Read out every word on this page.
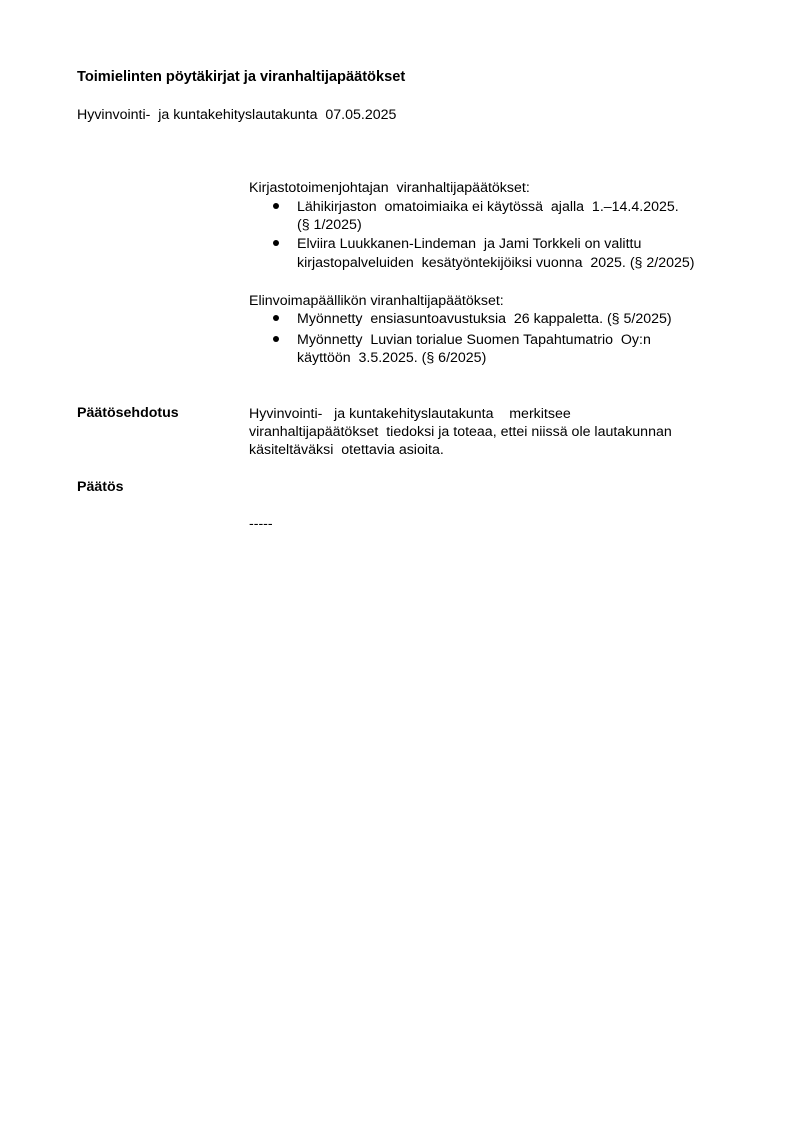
Toimielinten pöytäkirjat ja viranhaltijapäätökset
Hyvinvointi-  ja kuntakehityslautakunta  07.05.2025
Kirjastotoimenjohtajan  viranhaltijapäätökset:
Lähikirjaston  omatoimiaika ei käytössä  ajalla  1.–14.4.2025.
(§ 1/2025)
Elviira Luukkanen-Lindeman  ja Jami Torkkeli on valittu
kirjastopalveluiden  kesätyöntekijöiksi vuonna  2025. (§ 2/2025)
Elinvoimapäällikön viranhaltijapäätökset:
Myönnetty  ensiasuntoavustuksia  26 kappaletta. (§ 5/2025)
Myönnetty  Luvian torialue Suomen Tapahtumatrio  Oy:n
käyttöön  3.5.2025. (§ 6/2025)
Päätösehdotus	Hyvinvointi-   ja kuntakehityslautakunta    merkitsee
viranhaltijapäätökset  tiedoksi ja toteaa, ettei niissä ole lautakunnan
käsiteltäväksi  otettavia asioita.
Päätös
-----
